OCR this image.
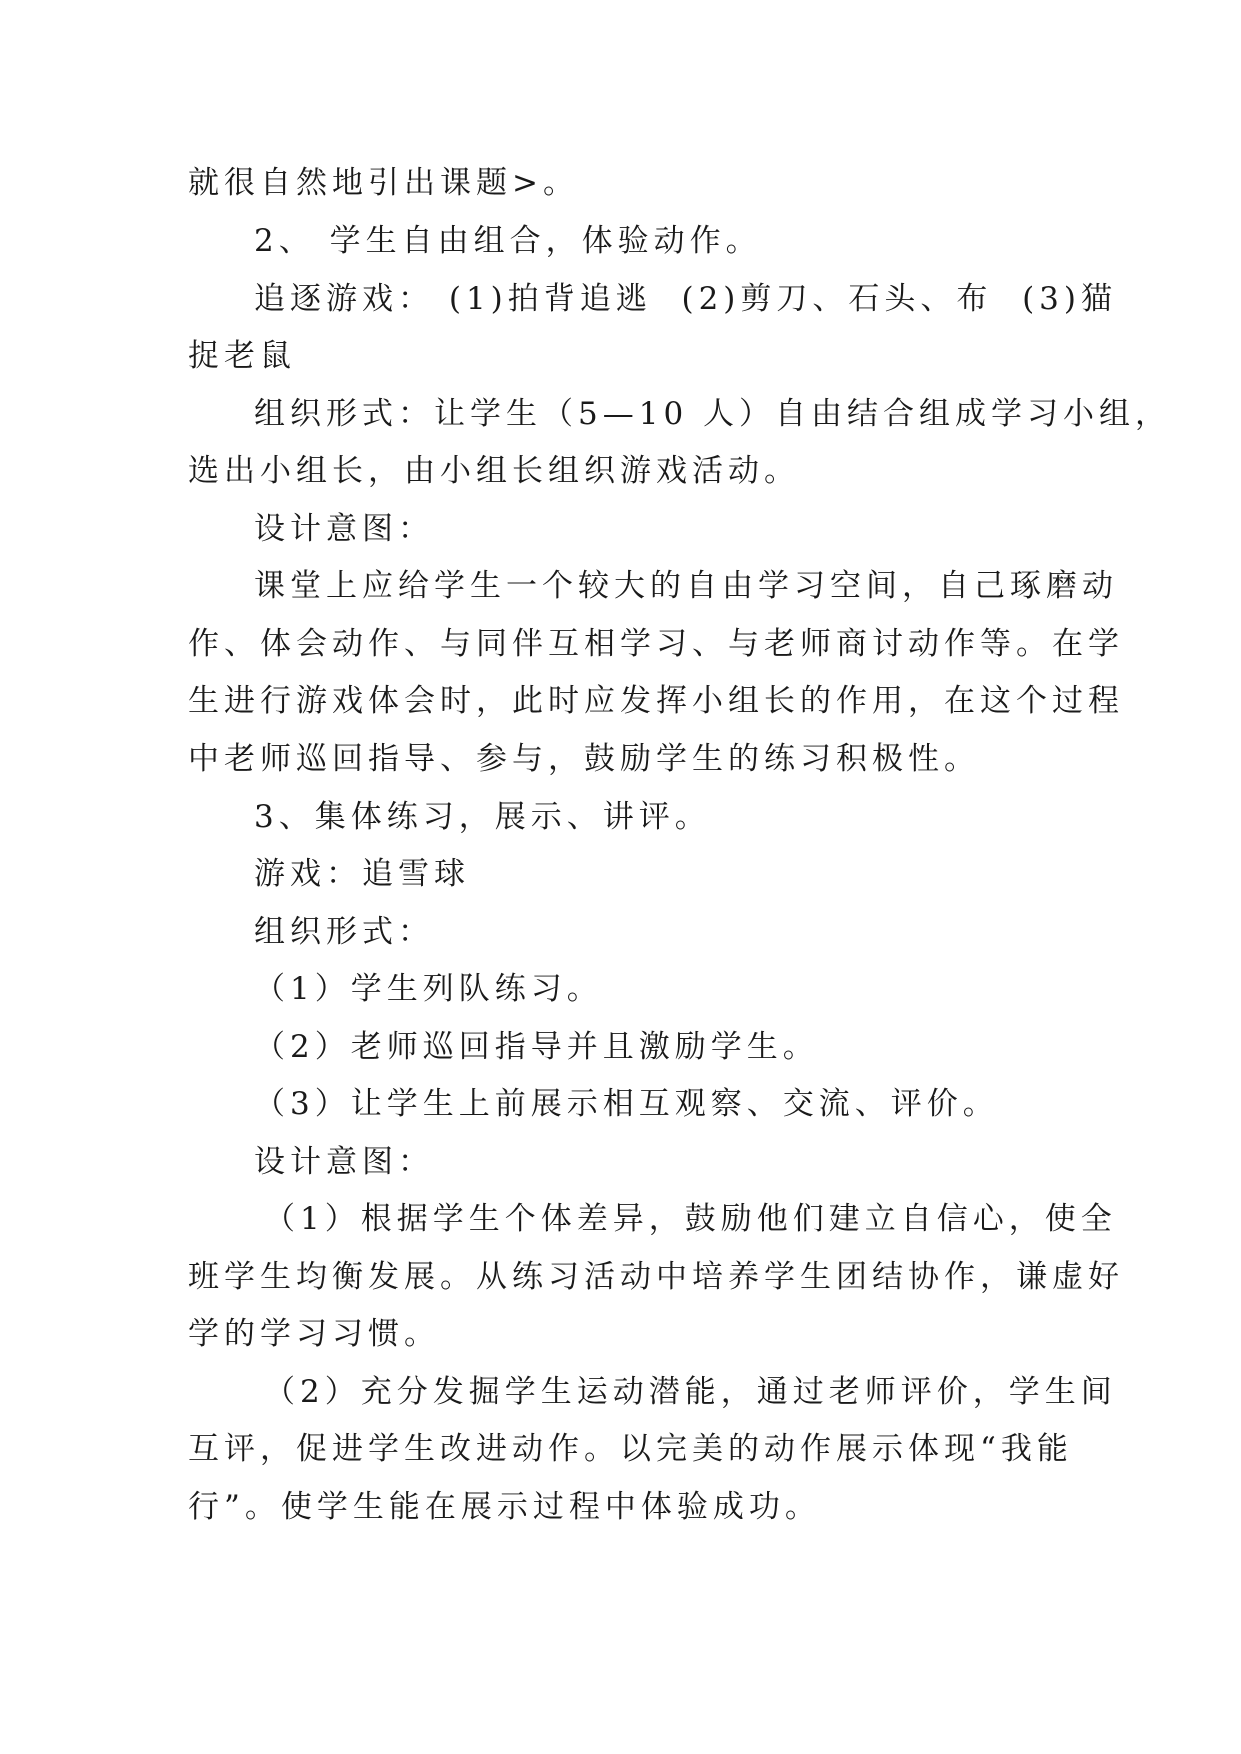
就很自然地引出课题>。
2、 学生自由组合，体验动作。
追逐游戏： (1)拍背追逃  (2)剪刀、石头、布  (3)猫
捉老鼠
组织形式：让学生（5—10 人）自由结合组成学习小组，
选出小组长，由小组长组织游戏活动。
设计意图：
课堂上应给学生一个较大的自由学习空间，自己琢磨动
作、体会动作、与同伴互相学习、与老师商讨动作等。在学
生进行游戏体会时，此时应发挥小组长的作用，在这个过程
中老师巡回指导、参与，鼓励学生的练习积极性。
3、集体练习，展示、讲评。
游戏：追雪球
组织形式：
（1）学生列队练习。
（2）老师巡回指导并且激励学生。
（3）让学生上前展示相互观察、交流、评价。
设计意图：
（1）根据学生个体差异，鼓励他们建立自信心，使全
班学生均衡发展。从练习活动中培养学生团结协作，谦虚好
学的学习习惯。
（2）充分发掘学生运动潜能，通过老师评价，学生间
互评，促进学生改进动作。以完美的动作展示体现“我能
行”。使学生能在展示过程中体验成功。
